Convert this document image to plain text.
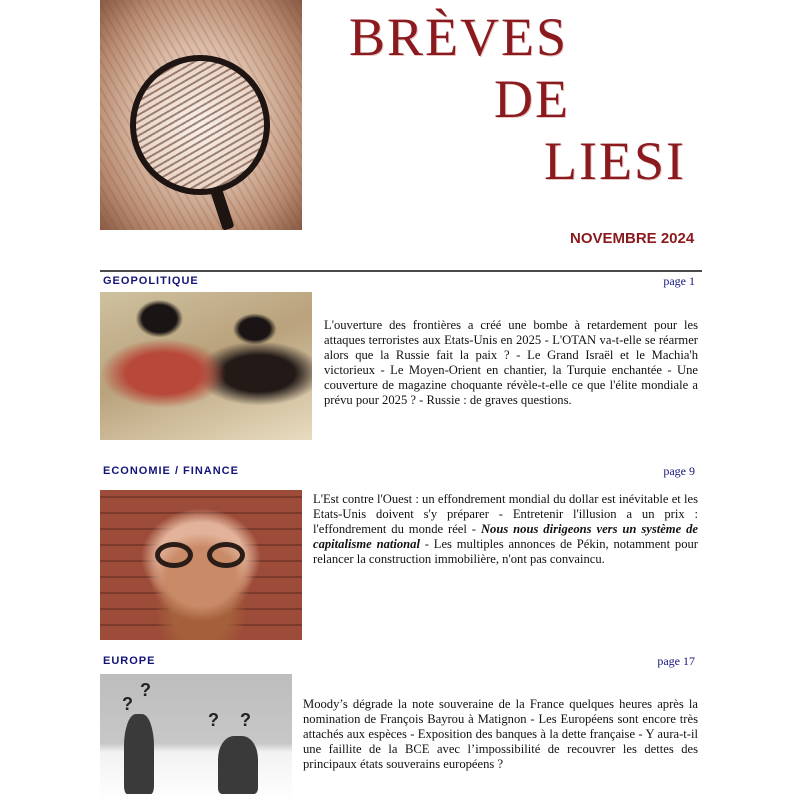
BRÈVES
DE
LIESI
NOVEMBRE 2024
GEOPOLITIQUE	page 1
L'ouverture des frontières a créé une bombe à retardement pour les attaques terroristes aux Etats-Unis en 2025 - L'OTAN va-t-elle se réarmer alors que la Russie fait la paix ? - Le Grand Israël et le Machia'h victorieux - Le Moyen-Orient en chantier, la Turquie enchantée - Une couverture de magazine choquante révèle-t-elle ce que l'élite mondiale a prévu pour 2025 ? - Russie : de graves questions.
ECONOMIE / FINANCE	page 9
L'Est contre l'Ouest : un effondrement mondial du dollar est inévitable et les Etats-Unis doivent s'y préparer - Entretenir l'illusion a un prix : l'effondrement du monde réel - Nous nous dirigeons vers un système de capitalisme national - Les multiples annonces de Pékin, notamment pour relancer la construction immobilière, n'ont pas convaincu.
EUROPE	page 17
?
?
? ?
Moody’s dégrade la note souveraine de la France quelques heures après la nomination de François Bayrou à Matignon - Les Européens sont encore très attachés aux espèces - Exposition des banques à la dette française - Y aura-t-il une faillite de la BCE avec l’impossibilité de recouvrer les dettes des principaux états souverains européens ?
